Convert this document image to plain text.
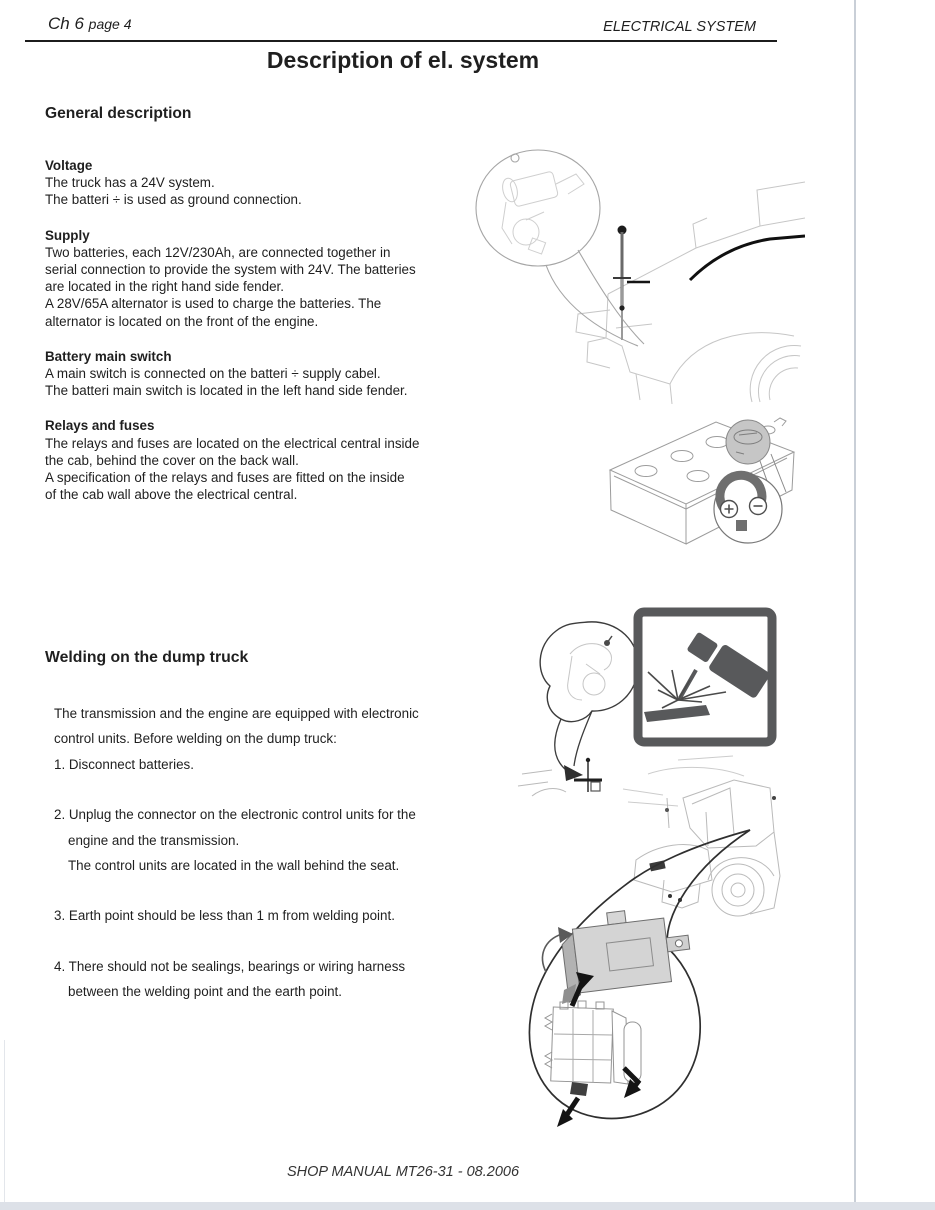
Ch 6 page 4	ELECTRICAL SYSTEM
Description of el. system
General description
Voltage
The truck has a 24V system.
The batteri ÷ is used as ground connection.
Supply
Two batteries, each 12V/230Ah, are connected together in
serial connection to provide the system with 24V. The batteries
are located in the right hand side fender.
A 28V/65A alternator is used to charge the batteries. The
alternator is located on the front of the engine.
Battery main switch
A main switch is connected on the batteri ÷ supply cabel.
The batteri main switch is located in the left hand side fender.
Relays and fuses
The relays and fuses are located on the electrical central inside
the cab, behind the cover on the back wall.
A specification of the relays and fuses are fitted on the inside
of the cab wall above the electrical central.
Welding on the dump truck
The transmission and the engine are equipped with electronic
control units. Before welding on the dump truck:
1. Disconnect batteries.
2. Unplug the connector on the electronic control units for the
engine and the transmission.
The control units are located in the wall behind the seat.
3. Earth point should be less than 1 m from welding point.
4. There should not be sealings, bearings or wiring harness
between the welding point and the earth point.
SHOP MANUAL MT26-31 - 08.2006
